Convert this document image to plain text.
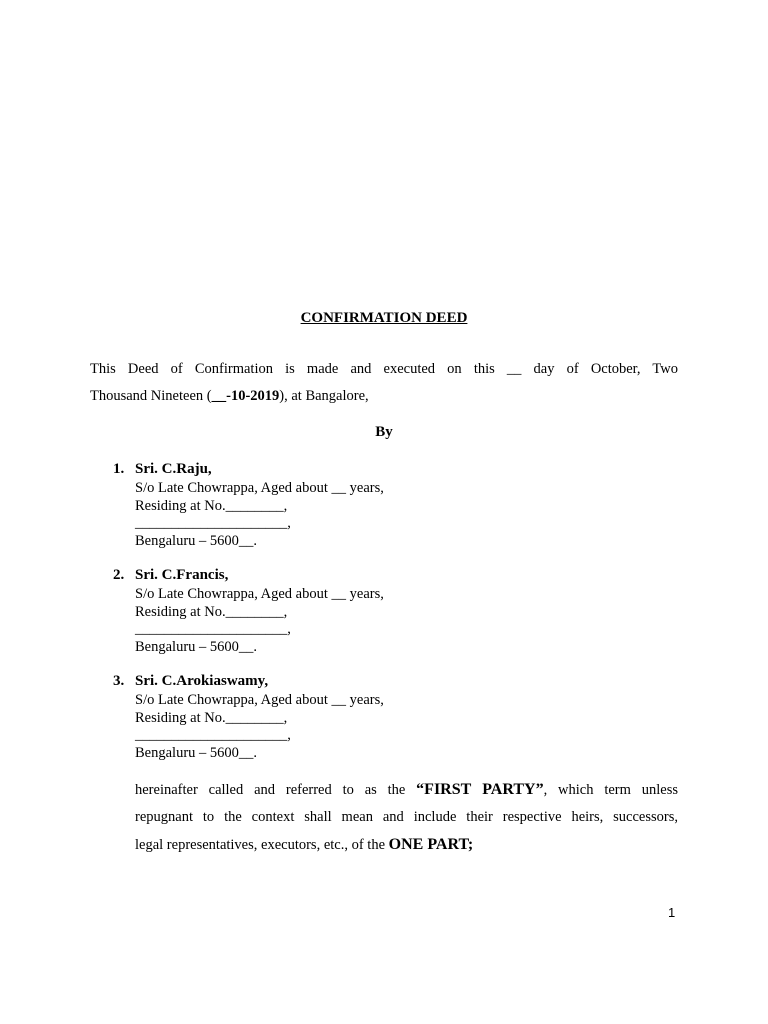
CONFIRMATION DEED
This Deed of Confirmation is made and executed on this __ day of October, Two
Thousand Nineteen (__-10-2019), at Bangalore,
By
1. Sri. C.Raju,
S/o Late Chowrappa, Aged about __ years,
Residing at No.________,
_____________________,
Bengaluru – 5600__.
2. Sri. C.Francis,
S/o Late Chowrappa, Aged about __ years,
Residing at No.________,
_____________________,
Bengaluru – 5600__.
3. Sri. C.Arokiaswamy,
S/o Late Chowrappa, Aged about __ years,
Residing at No.________,
_____________________,
Bengaluru – 5600__.
hereinafter called and referred to as the “FIRST PARTY”, which term unless
repugnant to the context shall mean and include their respective heirs, successors,
legal representatives, executors, etc., of the ONE PART;
1
